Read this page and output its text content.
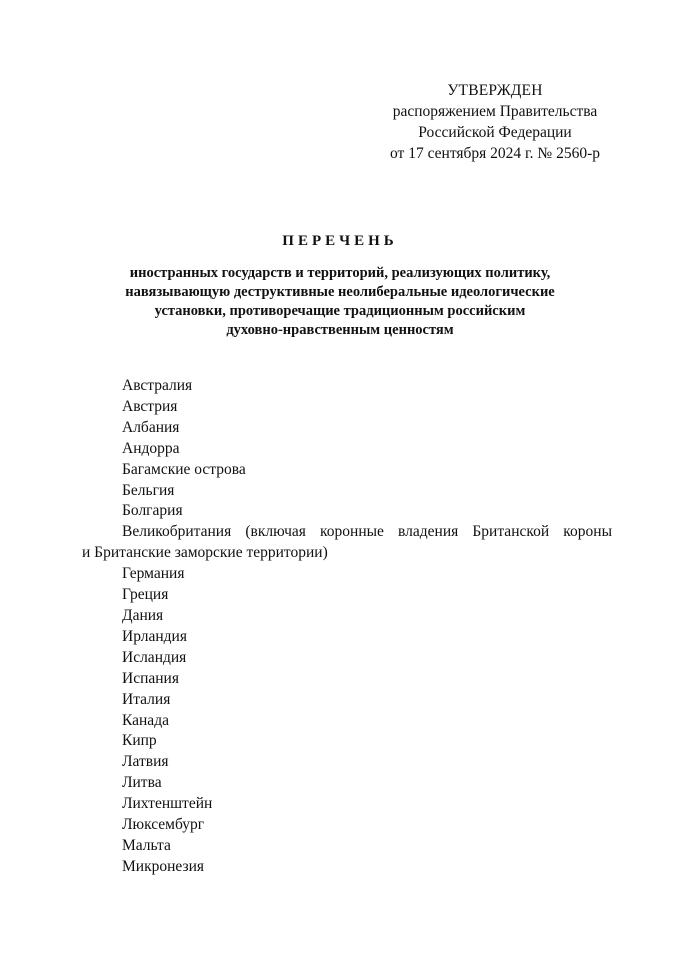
УТВЕРЖДЕН
распоряжением Правительства
Российской Федерации
от 17 сентября 2024 г. № 2560-р
ПЕРЕЧЕНЬ
иностранных государств и территорий, реализующих политику,
навязывающую деструктивные неолиберальные идеологические
установки, противоречащие традиционным российским
духовно-нравственным ценностям
Австралия
Австрия
Албания
Андорра
Багамские острова
Бельгия
Болгария
Великобритания (включая коронные владения Британской короны
и Британские заморские территории)
Германия
Греция
Дания
Ирландия
Исландия
Испания
Италия
Канада
Кипр
Латвия
Литва
Лихтенштейн
Люксембург
Мальта
Микронезия
